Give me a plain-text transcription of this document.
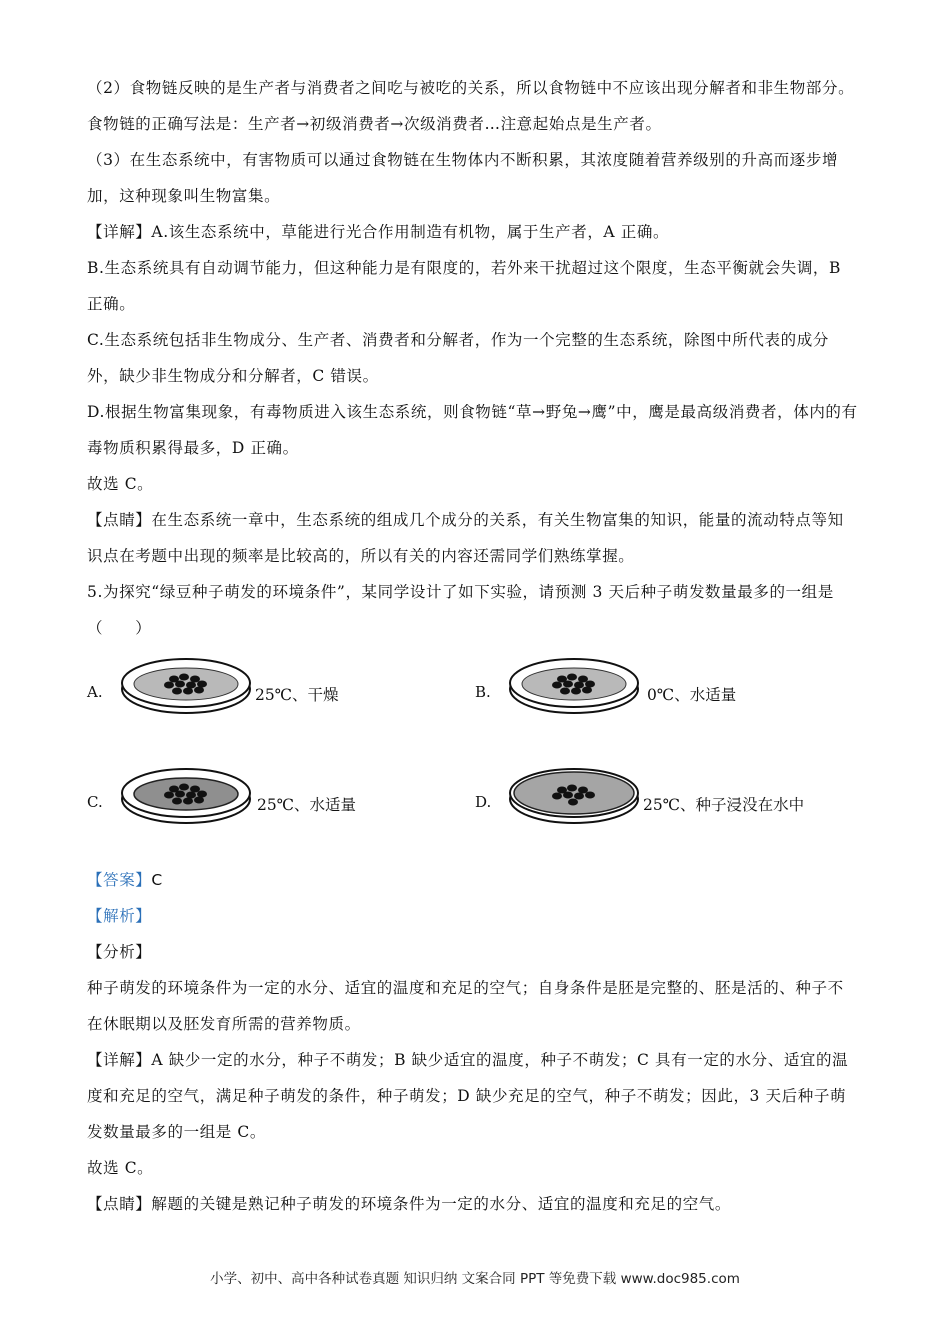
（2）食物链反映的是生产者与消费者之间吃与被吃的关系，所以食物链中不应该出现分解者和非生物部分。食物链的正确写法是：生产者→初级消费者→次级消费者…注意起始点是生产者。

（3）在生态系统中，有害物质可以通过食物链在生物体内不断积累，其浓度随着营养级别的升高而逐步增加，这种现象叫生物富集。

【详解】A.该生态系统中，草能进行光合作用制造有机物，属于生产者，A 正确。

B.生态系统具有自动调节能力，但这种能力是有限度的，若外来干扰超过这个限度，生态平衡就会失调，B 正确。

C.生态系统包括非生物成分、生产者、消费者和分解者，作为一个完整的生态系统，除图中所代表的成分外，缺少非生物成分和分解者，C 错误。

D.根据生物富集现象，有毒物质进入该生态系统，则食物链“草→野兔→鹰”中，鹰是最高级消费者，体内的有毒物质积累得最多，D 正确。

故选 C。

【点睛】在生态系统一章中，生态系统的组成几个成分的关系，有关生物富集的知识，能量的流动特点等知识点在考题中出现的频率是比较高的，所以有关的内容还需同学们熟练掌握。

5.为探究“绿豆种子萌发的环境条件”，某同学设计了如下实验，请预测 3 天后种子萌发数量最多的一组是（　　）

A.	25℃、干燥	B.	0℃、水适量
C.	25℃、水适量	D.	25℃、种子浸没在水中

【答案】C

【解析】

【分析】

种子萌发的环境条件为一定的水分、适宜的温度和充足的空气；自身条件是胚是完整的、胚是活的、种子不在休眠期以及胚发育所需的营养物质。

【详解】A 缺少一定的水分，种子不萌发；B 缺少适宜的温度，种子不萌发；C 具有一定的水分、适宜的温度和充足的空气，满足种子萌发的条件，种子萌发；D 缺少充足的空气，种子不萌发；因此，3 天后种子萌发数量最多的一组是 C。

故选 C。

【点睛】解题的关键是熟记种子萌发的环境条件为一定的水分、适宜的温度和充足的空气。

小学、初中、高中各种试卷真题 知识归纳 文案合同 PPT 等免费下载 www.doc985.com
